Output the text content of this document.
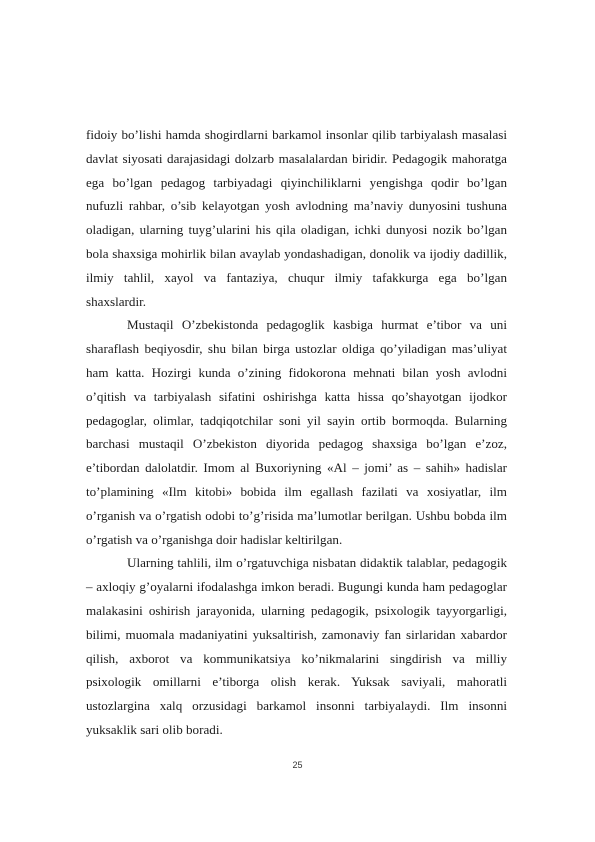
fidoiy bo’lishi hamda shogirdlarni barkamol insonlar qilib tarbiyalash masalasi davlat siyosati darajasidagi dolzarb masalalardan biridir. Pedagogik mahoratga ega bo’lgan pedagog tarbiyadagi qiyinchiliklarni yengishga qodir bo’lgan nufuzli rahbar, o’sib kelayotgan yosh avlodning ma’naviy dunyosini tushuna oladigan, ularning tuyg’ularini his qila oladigan, ichki dunyosi nozik bo’lgan bola shaxsiga mohirlik bilan avaylab yondashadigan, donolik va ijodiy dadillik, ilmiy tahlil, xayol va fantaziya, chuqur ilmiy tafakkurga ega bo’lgan shaxslardir.

Mustaqil O’zbekistonda pedagoglik kasbiga hurmat e’tibor va uni sharaflash beqiyosdir, shu bilan birga ustozlar oldiga qo’yiladigan mas’uliyat ham katta. Hozirgi kunda o’zining fidokorona mehnati bilan yosh avlodni o’qitish va tarbiyalash sifatini oshirishga katta hissa qo’shayotgan ijodkor pedagoglar, olimlar, tadqiqotchilar soni yil sayin ortib bormoqda. Bularning barchasi mustaqil O’zbekiston diyorida pedagog shaxsiga bo’lgan e’zoz, e’tibordan dalolatdir. Imom al Buxoriyning «Al – jomi’ as – sahih» hadislar to’plamining «Ilm kitobi» bobida ilm egallash fazilati va xosiyatlar, ilm o’rganish va o’rgatish odobi to’g’risida ma’lumotlar berilgan. Ushbu bobda ilm o’rgatish va o’rganishga doir hadislar keltirilgan.

Ularning tahlili, ilm o’rgatuvchiga nisbatan didaktik talablar, pedagogik – axloqiy g’oyalarni ifodalashga imkon beradi. Bugungi kunda ham pedagoglar malakasini oshirish jarayonida, ularning pedagogik, psixologik tayyorgarligi, bilimi, muomala madaniyatini yuksaltirish, zamonaviy fan sirlaridan xabardor qilish, axborot va kommunikatsiya ko’nikmalarini singdirish va milliy psixologik omillarni e’tiborga olish kerak. Yuksak saviyali, mahoratli ustozlargina xalq orzusidagi barkamol insonni tarbiyalaydi. Ilm insonni yuksaklik sari olib boradi.

25
